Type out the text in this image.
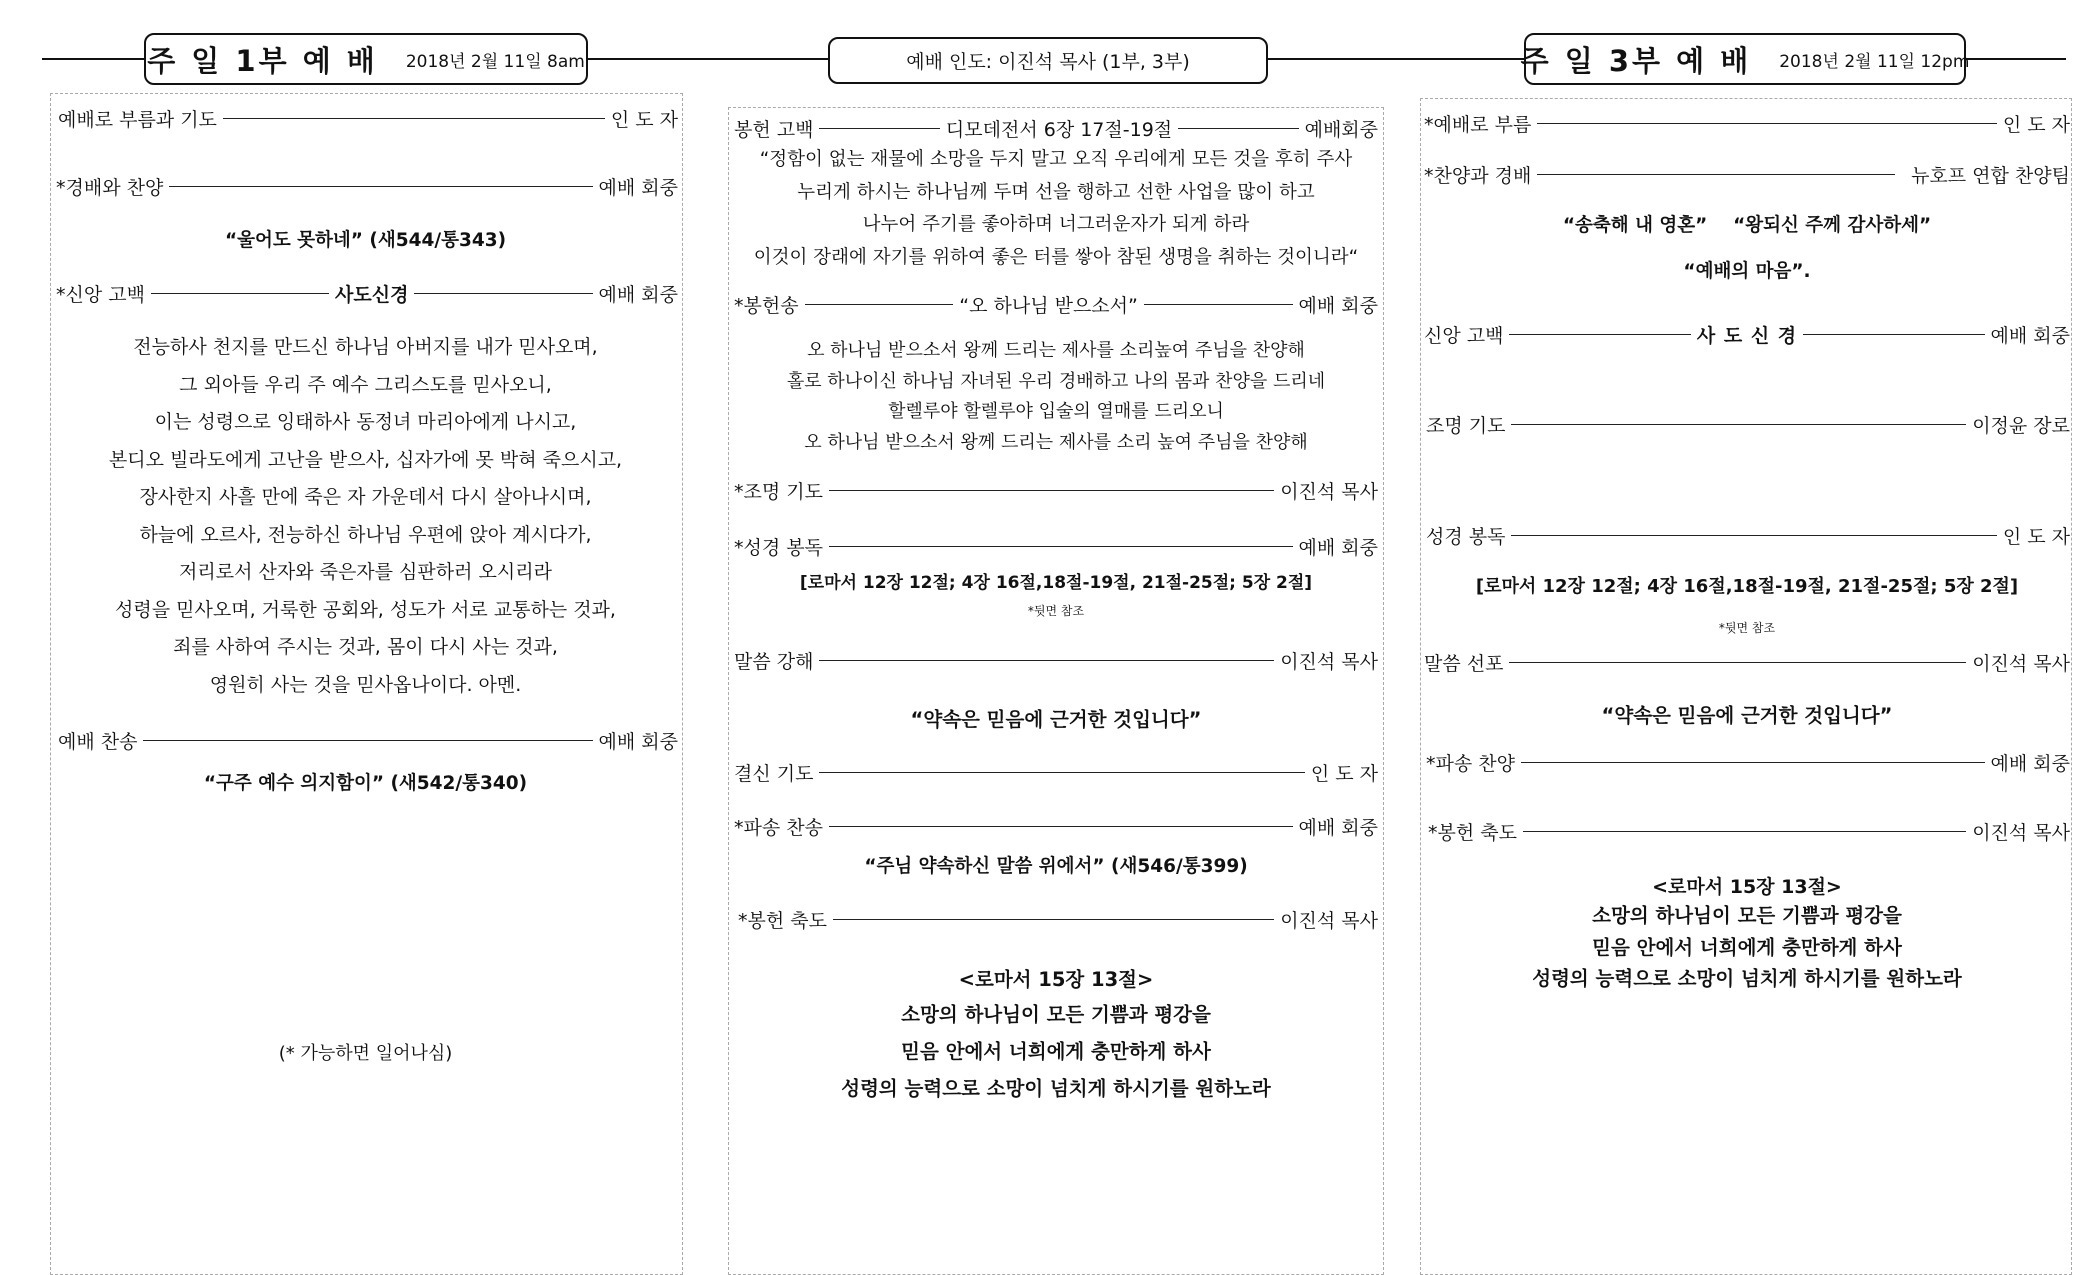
주 일 1부 예 배 2018년 2월 11일 8am	예배 인도: 이진석 목사 (1부, 3부)	주 일 3부 예 배 2018년 2월 11일 12pm
예배로 부름과 기도	인 도 자
*경배와 찬양	예배 회중
“울어도 못하네” (새544/통343)
*신앙 고백	사도신경	예배 회중
전능하사 천지를 만드신 하나님 아버지를 내가 믿사오며,
그 외아들 우리 주 예수 그리스도를 믿사오니,
이는 성령으로 잉태하사 동정녀 마리아에게 나시고,
본디오 빌라도에게 고난을 받으사, 십자가에 못 박혀 죽으시고,
장사한지 사흘 만에 죽은 자 가운데서 다시 살아나시며,
하늘에 오르사, 전능하신 하나님 우편에 앉아 계시다가,
저리로서 산자와 죽은자를 심판하러 오시리라
성령을 믿사오며, 거룩한 공회와, 성도가 서로 교통하는 것과,
죄를 사하여 주시는 것과, 몸이 다시 사는 것과,
영원히 사는 것을 믿사옵나이다. 아멘.
예배 찬송	예배 회중
“구주 예수 의지함이” (새542/통340)
(* 가능하면 일어나심)
봉헌 고백	디모데전서 6장 17절-19절	예배회중
“정함이 없는 재물에 소망을 두지 말고 오직 우리에게 모든 것을 후히 주사
누리게 하시는 하나님께 두며 선을 행하고 선한 사업을 많이 하고
나누어 주기를 좋아하며 너그러운자가 되게 하라
이것이 장래에 자기를 위하여 좋은 터를 쌓아 참된 생명을 취하는 것이니라“
*봉헌송	“오 하나님 받으소서”	예배 회중
오 하나님 받으소서 왕께 드리는 제사를 소리높여 주님을 찬양해
홀로 하나이신 하나님 자녀된 우리 경배하고 나의 몸과 찬양을 드리네
할렐루야 할렐루야 입술의 열매를 드리오니
오 하나님 받으소서 왕께 드리는 제사를 소리 높여 주님을 찬양해
*조명 기도	이진석 목사
*성경 봉독	예배 회중
[로마서 12장 12절; 4장 16절,18절-19절, 21절-25절; 5장 2절]
*뒷면 참조
말씀 강해	이진석 목사
“약속은 믿음에 근거한 것입니다”
결신 기도	인 도 자
*파송 찬송	예배 회중
“주님 약속하신 말씀 위에서” (새546/통399)
*봉헌 축도	이진석 목사
<로마서 15장 13절>
소망의 하나님이 모든 기쁨과 평강을
믿음 안에서 너희에게 충만하게 하사
성령의 능력으로 소망이 넘치게 하시기를 원하노라
*예배로 부름	인 도 자
*찬양과 경배	뉴호프 연합 찬양팀
“송축해 내 영혼”    “왕되신 주께 감사하세”
“예배의 마음”.
신앙 고백	사 도 신 경	예배 회중
조명 기도	이정윤 장로
성경 봉독	인 도 자
[로마서 12장 12절; 4장 16절,18절-19절, 21절-25절; 5장 2절]
*뒷면 참조
말씀 선포	이진석 목사
“약속은 믿음에 근거한 것입니다”
*파송 찬양	예배 회중
*봉헌 축도	이진석 목사
<로마서 15장 13절>
소망의 하나님이 모든 기쁨과 평강을
믿음 안에서 너희에게 충만하게 하사
성령의 능력으로 소망이 넘치게 하시기를 원하노라
